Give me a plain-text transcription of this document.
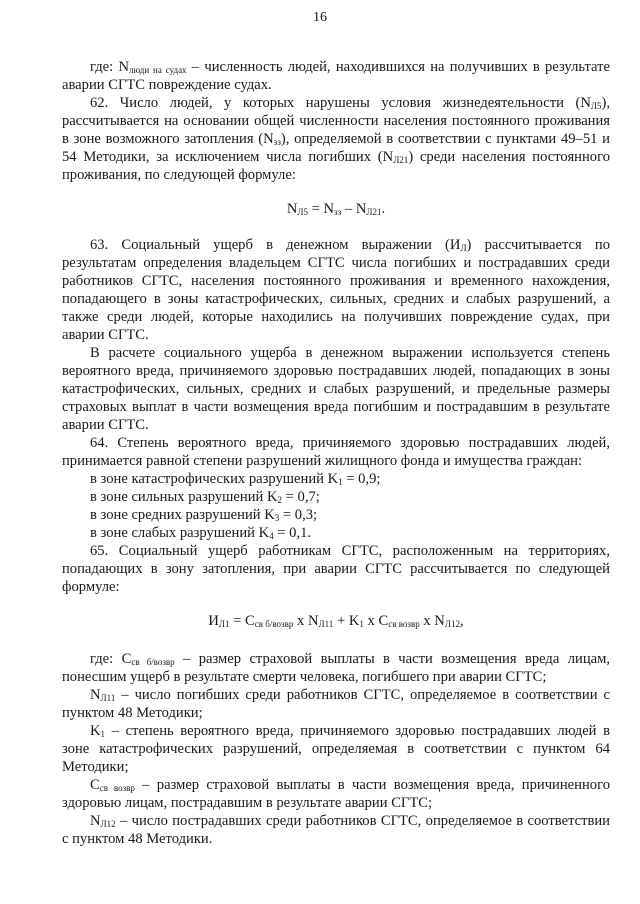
16

где: $N_{люди на судах}$ – численность людей, находившихся на получивших в результате аварии СГТС повреждение судах.

62. Число людей, у которых нарушены условия жизнедеятельности $(N_{Л5})$, рассчитывается на основании общей численности населения постоянного проживания в зоне возможного затопления $(N_{зз})$, определяемой в соответствии с пунктами 49–51 и 54 Методики, за исключением числа погибших $(N_{Л21})$ среди населения постоянного проживания, по следующей формуле:

$N_{Л5} = N_{зз} - N_{Л21}$.

63. Социальный ущерб в денежном выражении $(И_Л)$ рассчитывается по результатам определения владельцем СГТС числа погибших и пострадавших среди работников СГТС, населения постоянного проживания и временного нахождения, попадающего в зоны катастрофических, сильных, средних и слабых разрушений, а также среди людей, которые находились на получивших повреждение судах, при аварии СГТС.

В расчете социального ущерба в денежном выражении используется степень вероятного вреда, причиняемого здоровью пострадавших людей, попадающих в зоны катастрофических, сильных, средних и слабых разрушений, и предельные размеры страховых выплат в части возмещения вреда погибшим и пострадавшим в результате аварии СГТС.

64. Степень вероятного вреда, причиняемого здоровью пострадавших людей, принимается равной степени разрушений жилищного фонда и имущества граждан:

в зоне катастрофических разрушений $K_1 = 0,9$;

в зоне сильных разрушений $K_2 = 0,7$;

в зоне средних разрушений $K_3 = 0,3$;

в зоне слабых разрушений $K_4 = 0,1$.

65. Социальный ущерб работникам СГТС, расположенным на территориях, попадающих в зону затопления, при аварии СГТС рассчитывается по следующей формуле:

$И_{Л1} = C_{св б/возвр}$ x $N_{Л11} + K_1$ x $C_{св возвр}$ x $N_{Л12}$,

где: $C_{св б/возвр}$ – размер страховой выплаты в части возмещения вреда лицам, понесшим ущерб в результате смерти человека, погибшего при аварии СГТС;

$N_{Л11}$ – число погибших среди работников СГТС, определяемое в соответствии с пунктом 48 Методики;

$K_1$ – степень вероятного вреда, причиняемого здоровью пострадавших людей в зоне катастрофических разрушений, определяемая в соответствии с пунктом 64 Методики;

$C_{св возвр}$ – размер страховой выплаты в части возмещения вреда, причиненного здоровью лицам, пострадавшим в результате аварии СГТС;

$N_{Л12}$ – число пострадавших среди работников СГТС, определяемое в соответствии с пунктом 48 Методики.
